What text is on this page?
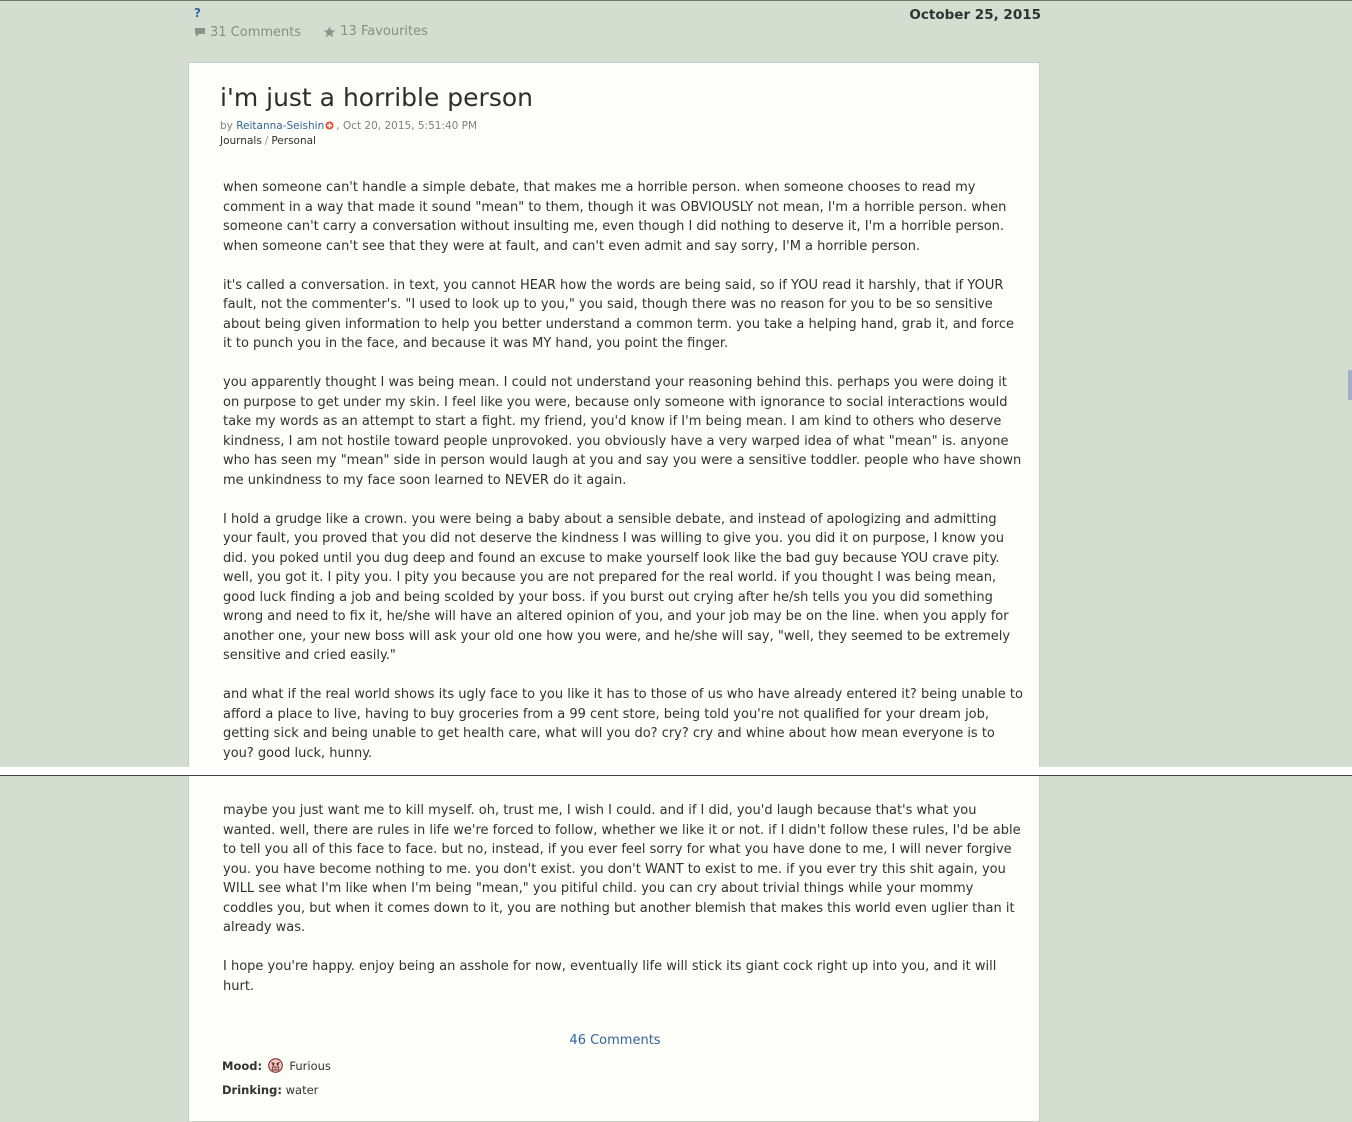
?
31 Comments
	13 Favourites
October 25, 2015
i'm just a horrible person
by Reitanna-Seishin , Oct 20, 2015, 5:51:40 PM
Journals / Personal

when someone can't handle a simple debate, that makes me a horrible person. when someone chooses to read my comment in a way that made it sound "mean" to them, though it was OBVIOUSLY not mean, I'm a horrible person. when someone can't carry a conversation without insulting me, even though I did nothing to deserve it, I'm a horrible person. when someone can't see that they were at fault, and can't even admit and say sorry, I'M a horrible person.

it's called a conversation. in text, you cannot HEAR how the words are being said, so if YOU read it harshly, that if YOUR fault, not the commenter's. "I used to look up to you," you said, though there was no reason for you to be so sensitive about being given information to help you better understand a common term. you take a helping hand, grab it, and force it to punch you in the face, and because it was MY hand, you point the finger.

you apparently thought I was being mean. I could not understand your reasoning behind this. perhaps you were doing it on purpose to get under my skin. I feel like you were, because only someone with ignorance to social interactions would take my words as an attempt to start a fight. my friend, you'd know if I'm being mean. I am kind to others who deserve kindness, I am not hostile toward people unprovoked. you obviously have a very warped idea of what "mean" is. anyone who has seen my "mean" side in person would laugh at you and say you were a sensitive toddler. people who have shown me unkindness to my face soon learned to NEVER do it again.

I hold a grudge like a crown. you were being a baby about a sensible debate, and instead of apologizing and admitting your fault, you proved that you did not deserve the kindness I was willing to give you. you did it on purpose, I know you did. you poked until you dug deep and found an excuse to make yourself look like the bad guy because YOU crave pity. well, you got it. I pity you. I pity you because you are not prepared for the real world. if you thought I was being mean, good luck finding a job and being scolded by your boss. if you burst out crying after he/sh tells you you did something wrong and need to fix it, he/she will have an altered opinion of you, and your job may be on the line. when you apply for another one, your new boss will ask your old one how you were, and he/she will say, "well, they seemed to be extremely sensitive and cried easily."

and what if the real world shows its ugly face to you like it has to those of us who have already entered it? being unable to afford a place to live, having to buy groceries from a 99 cent store, being told you're not qualified for your dream job, getting sick and being unable to get health care, what will you do? cry? cry and whine about how mean everyone is to you? good luck, hunny.

maybe you just want me to kill myself. oh, trust me, I wish I could. and if I did, you'd laugh because that's what you wanted. well, there are rules in life we're forced to follow, whether we like it or not. if I didn't follow these rules, I'd be able to tell you all of this face to face. but no, instead, if you ever feel sorry for what you have done to me, I will never forgive you. you have become nothing to me. you don't exist. you don't WANT to exist to me. if you ever try this shit again, you WILL see what I'm like when I'm being "mean," you pitiful child. you can cry about trivial things while your mommy coddles you, but when it comes down to it, you are nothing but another blemish that makes this world even uglier than it already was.

I hope you're happy. enjoy being an asshole for now, eventually life will stick its giant cock right up into you, and it will hurt.

46 Comments
Mood: Furious
Drinking: water
